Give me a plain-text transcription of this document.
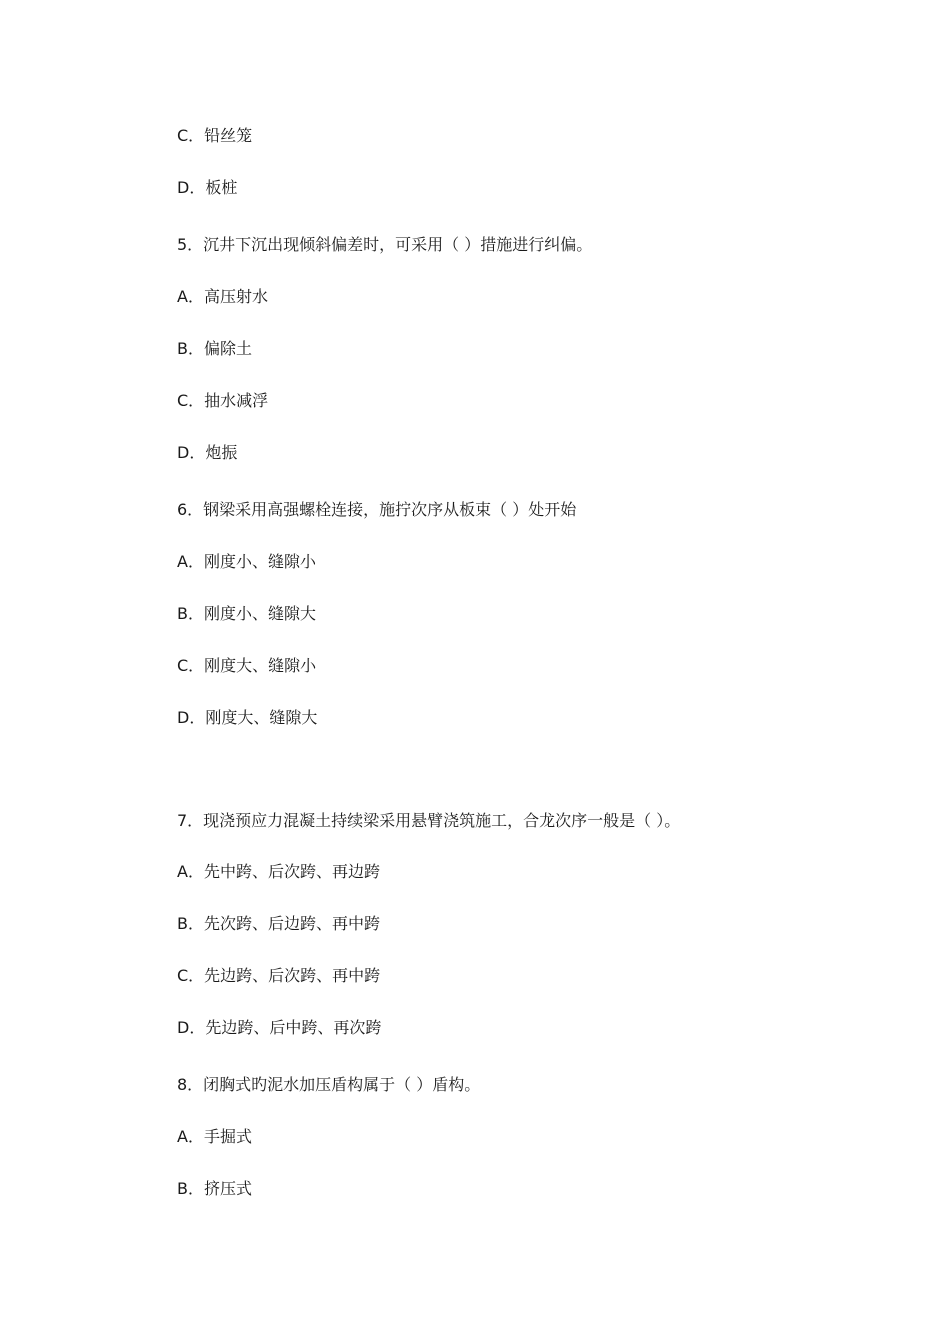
C．铅丝笼
D．板桩
5．沉井下沉出现倾斜偏差时，可采用（ ）措施进行纠偏。
A．高压射水
B．偏除土
C．抽水减浮
D．炮振
6．钢梁采用高强螺栓连接，施拧次序从板束（ ）处开始
A．刚度小、缝隙小
B．刚度小、缝隙大
C．刚度大、缝隙小
D．刚度大、缝隙大
7．现浇预应力混凝土持续梁采用悬臂浇筑施工，合龙次序一般是（ ）。
A．先中跨、后次跨、再边跨
B．先次跨、后边跨、再中跨
C．先边跨、后次跨、再中跨
D．先边跨、后中跨、再次跨
8．闭胸式旳泥水加压盾构属于（ ）盾构。
A．手掘式
B．挤压式
